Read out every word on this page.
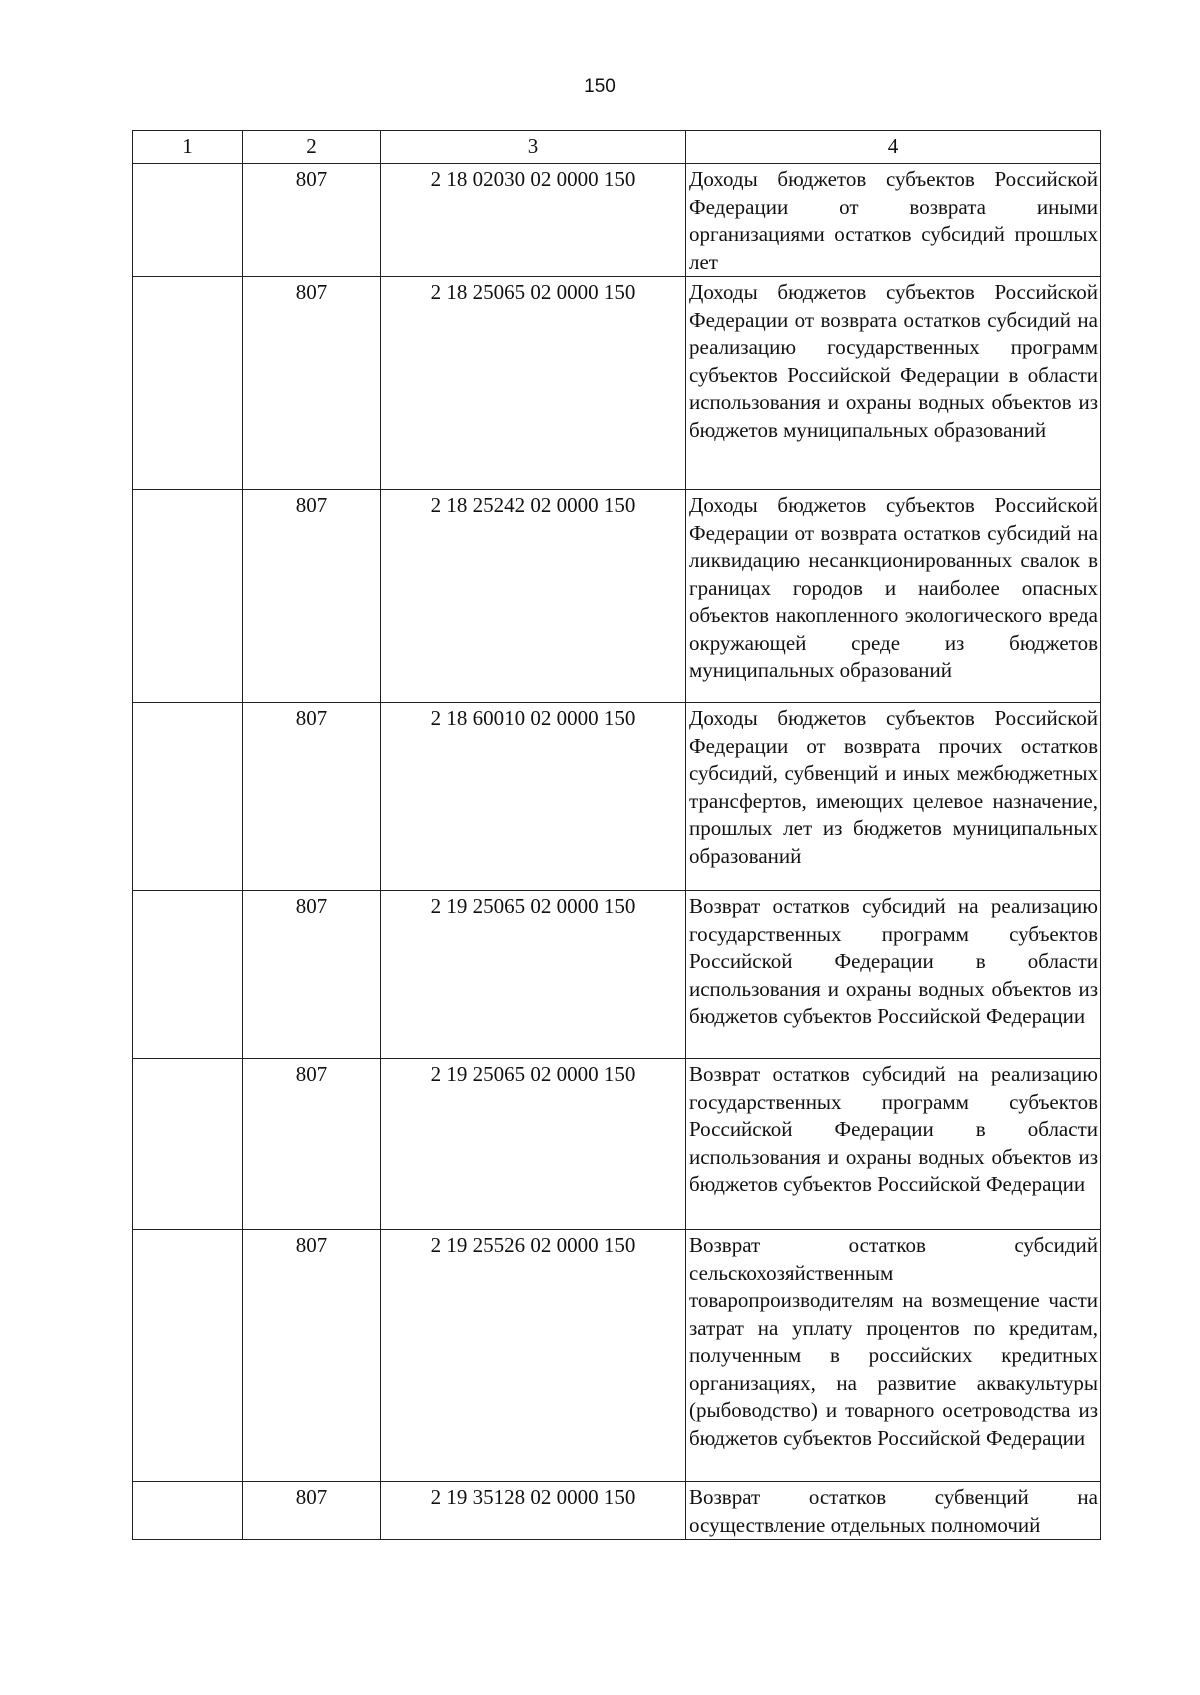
150
1	2	3	4
	807	2 18 02030 02 0000 150	Доходы бюджетов субъектов Российской Федерации от возврата иными организациями остатков субсидий прошлых лет
	807	2 18 25065 02 0000 150	Доходы бюджетов субъектов Российской Федерации от возврата остатков субсидий на реализацию государственных программ субъектов Российской Федерации в области использования и охраны водных объектов из бюджетов муниципальных образований
	807	2 18 25242 02 0000 150	Доходы бюджетов субъектов Российской Федерации от возврата остатков субсидий на ликвидацию несанкционированных свалок в границах городов и наиболее опасных объектов накопленного экологического вреда окружающей среде из бюджетов муниципальных образований
	807	2 18 60010 02 0000 150	Доходы бюджетов субъектов Российской Федерации от возврата прочих остатков субсидий, субвенций и иных межбюджетных трансфертов, имеющих целевое назначение, прошлых лет из бюджетов муниципальных образований
	807	2 19 25065 02 0000 150	Возврат остатков субсидий на реализацию государственных программ субъектов Российской Федерации в области использования и охраны водных объектов из бюджетов субъектов Российской Федерации
	807	2 19 25065 02 0000 150	Возврат остатков субсидий на реализацию государственных программ субъектов Российской Федерации в области использования и охраны водных объектов из бюджетов субъектов Российской Федерации
	807	2 19 25526 02 0000 150	Возврат остатков субсидий сельскохозяйственным товаропроизводителям на возмещение части затрат на уплату процентов по кредитам, полученным в российских кредитных организациях, на развитие аквакультуры (рыбоводство) и товарного осетроводства из бюджетов субъектов Российской Федерации
	807	2 19 35128 02 0000 150	Возврат остатков субвенций на осуществление отдельных полномочий
